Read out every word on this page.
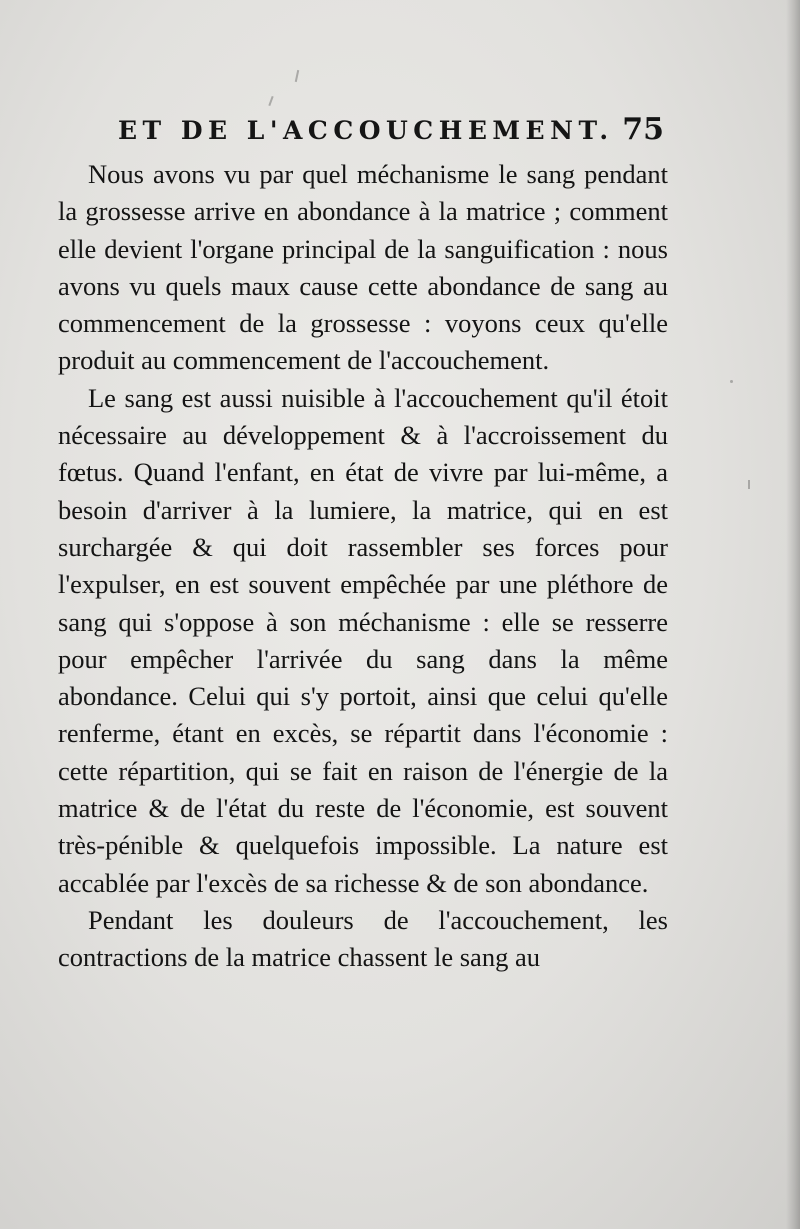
ET DE L'ACCOUCHEMENT. 75

Nous avons vu par quel méchanisme le sang pendant la grossesse arrive en abondance à la matrice ; comment elle devient l'organe principal de la sanguification : nous avons vu quels maux cause cette abondance de sang au commencement de la grossesse : voyons ceux qu'elle produit au commencement de l'accouchement.

Le sang est aussi nuisible à l'accouchement qu'il étoit nécessaire au développement & à l'accroissement du fœtus. Quand l'enfant, en état de vivre par lui-même, a besoin d'arriver à la lumiere, la matrice, qui en est surchargée & qui doit rassembler ses forces pour l'expulser, en est souvent empêchée par une pléthore de sang qui s'oppose à son méchanisme : elle se resserre pour empêcher l'arrivée du sang dans la même abondance. Celui qui s'y portoit, ainsi que celui qu'elle renferme, étant en excès, se répartit dans l'économie : cette répartition, qui se fait en raison de l'énergie de la matrice & de l'état du reste de l'économie, est souvent très-pénible & quelquefois impossible. La nature est accablée par l'excès de sa richesse & de son abondance.

Pendant les douleurs de l'accouchement, les contractions de la matrice chassent le sang au
